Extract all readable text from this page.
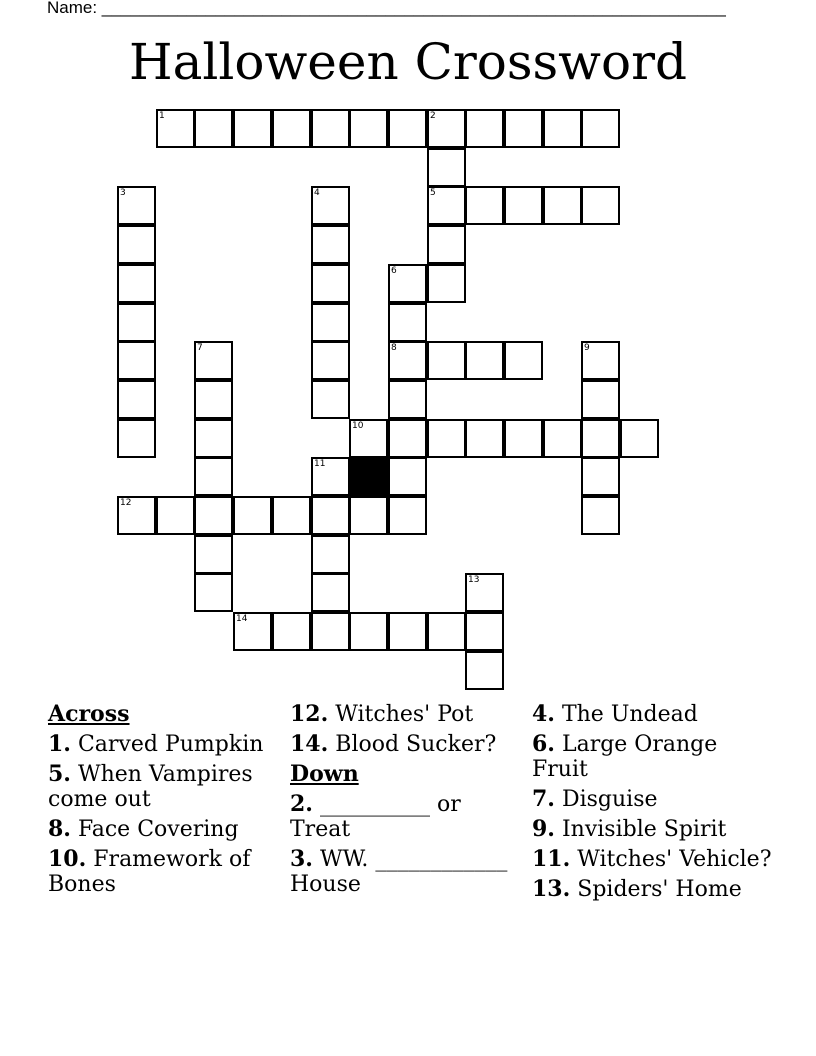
Name: __________________________________________________________________
Halloween Crossword
1	2
5
3	4
6
8
7	9
10
11
12
13
14
Across
1. Carved Pumpkin
5. When Vampires come out
8. Face Covering
10. Framework of Bones
12. Witches' Pot
14. Blood Sucker?
Down
2. __________ or Treat
3. WW. ____________ House
4. The Undead
6. Large Orange Fruit
7. Disguise
9. Invisible Spirit
11. Witches' Vehicle?
13. Spiders' Home
